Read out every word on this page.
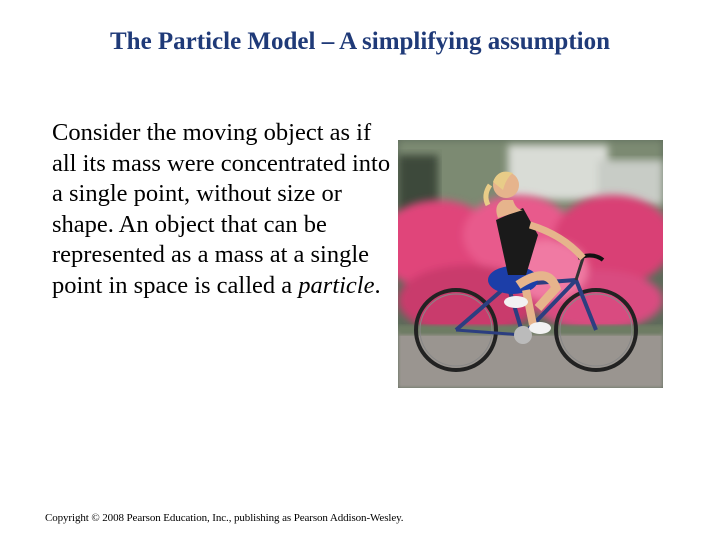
The Particle Model – A simplifying assumption
Consider the moving object as if all its mass were concentrated into a single point, without size or shape. An object that can be represented as a mass at a single point in space is called a particle.
Copyright © 2008 Pearson Education, Inc., publishing as Pearson Addison-Wesley.
